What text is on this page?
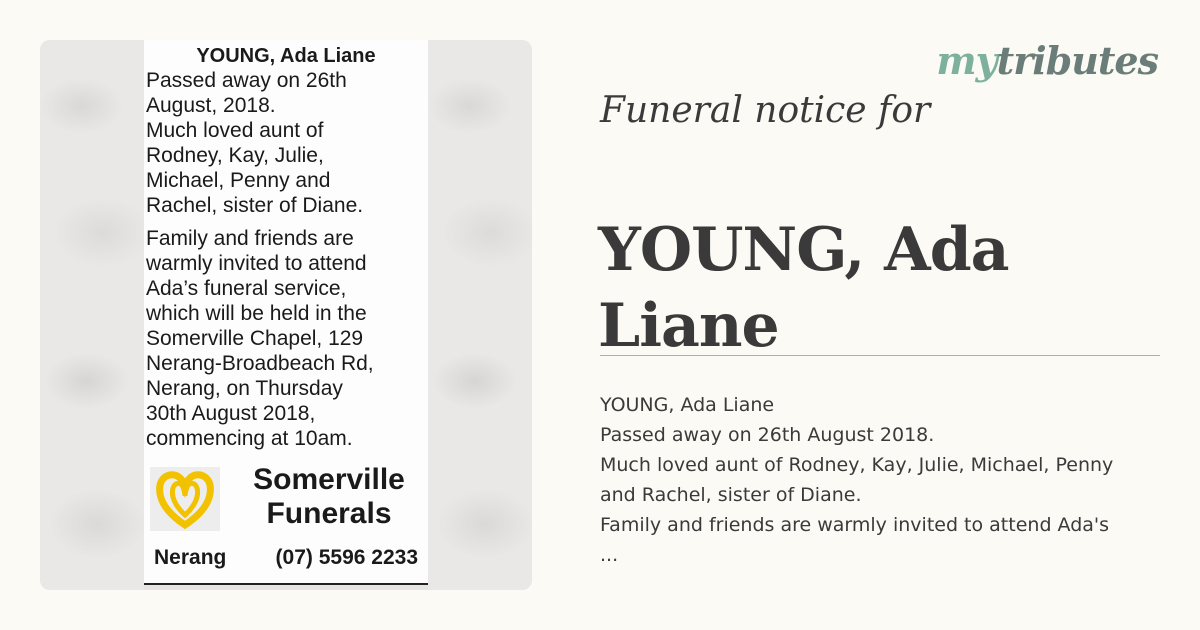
YOUNG, Ada Liane

Passed away on 26th
August, 2018.
Much loved aunt of
Rodney, Kay, Julie,
Michael, Penny and
Rachel, sister of Diane.
Family and friends are
warmly invited to attend
Ada’s funeral service,
which will be held in the
Somerville Chapel, 129
Nerang-Broadbeach Rd,
Nerang, on Thursday
30th August 2018,
commencing at 10am.
Somerville
Funerals
Nerang (07) 5596 2233
mytributes

Funeral notice for

YOUNG, Ada Liane
YOUNG, Ada Liane
Passed away on 26th August 2018.
Much loved aunt of Rodney, Kay, Julie, Michael, Penny
and Rachel, sister of Diane.
Family and friends are warmly invited to attend Ada's
...
